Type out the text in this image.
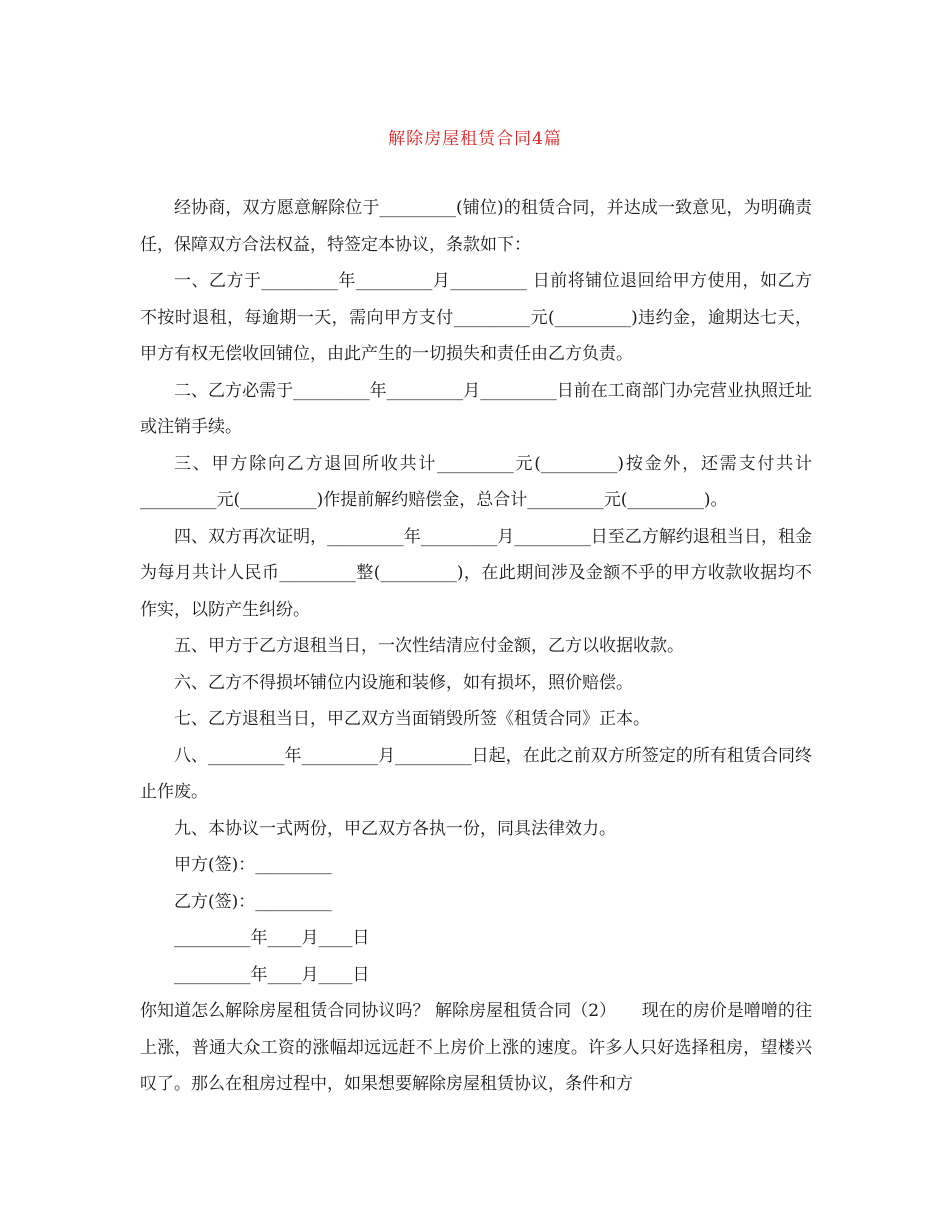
解除房屋租赁合同4篇

经协商，双方愿意解除位于_________(铺位)的租赁合同，并达成一致意见，为明确责任，保障双方合法权益，特签定本协议，条款如下：

一、乙方于_________年_________月_________ 日前将铺位退回给甲方使用，如乙方不按时退租，每逾期一天，需向甲方支付_________元(_________)违约金，逾期达七天，甲方有权无偿收回铺位，由此产生的一切损失和责任由乙方负责。

二、乙方必需于_________年_________月_________日前在工商部门办完营业执照迁址或注销手续。

三、甲方除向乙方退回所收共计_________元(_________)按金外，还需支付共计_________元(_________)作提前解约赔偿金，总合计_________元(_________)。

四、双方再次证明，_________年_________月_________日至乙方解约退租当日，租金为每月共计人民币_________整(_________)，在此期间涉及金额不乎的甲方收款收据均不作实，以防产生纠纷。

五、甲方于乙方退租当日，一次性结清应付金额，乙方以收据收款。

六、乙方不得损坏铺位内设施和装修，如有损坏，照价赔偿。

七、乙方退租当日，甲乙双方当面销毁所签《租赁合同》正本。

八、_________年_________月_________日起，在此之前双方所签定的所有租赁合同终止作废。

九、本协议一式两份，甲乙双方各执一份，同具法律效力。

甲方(签)：_________

乙方(签)：_________

_________年____月____日

_________年____月____日

你知道怎么解除房屋租赁合同协议吗？ 解除房屋租赁合同（2）　　现在的房价是噌噌的往上涨，普通大众工资的涨幅却远远赶不上房价上涨的速度。许多人只好选择租房，望楼兴叹了。那么在租房过程中，如果想要解除房屋租赁协议，条件和方
